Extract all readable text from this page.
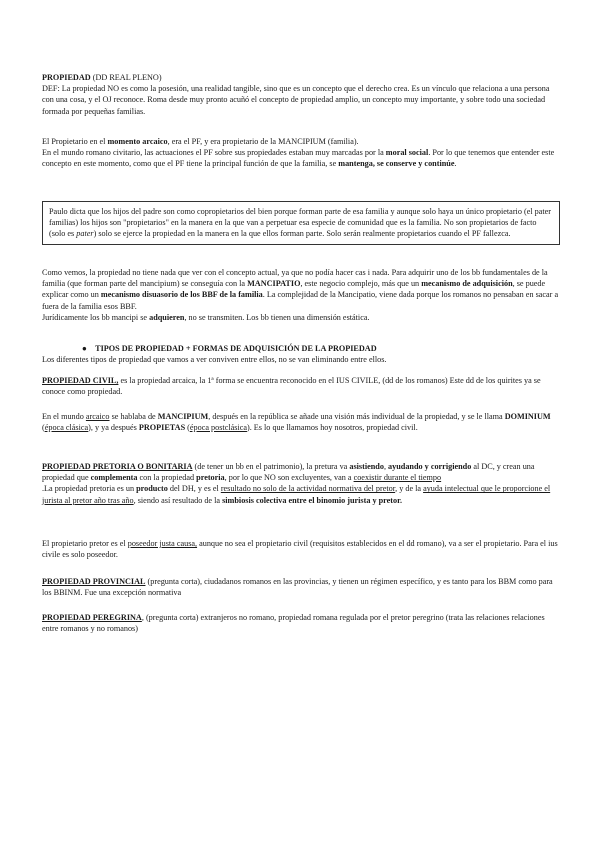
PROPIEDAD (DD REAL PLENO)

DEF: La propiedad NO es como la posesión, una realidad tangible, sino que es un concepto que el derecho crea. Es un vínculo que relaciona a una persona con una cosa, y el OJ reconoce. Roma desde muy pronto acuñó el concepto de propiedad amplio, un concepto muy importante, y sobre todo una sociedad formada por pequeñas familias.

El Propietario en el momento arcaico, era el PF, y era propietario de la MANCIPIUM (familia).

En el mundo romano civitario, las actuaciones el PF sobre sus propiedades estaban muy marcadas por la moral social. Por lo que tenemos que entender este concepto en este momento, como que el PF tiene la principal función de que la familia, se mantenga, se conserve y continúe.

Paulo dicta que los hijos del padre son como copropietarios del bien porque forman parte de esa familia y aunque solo haya un único propietario (el pater familias) los hijos son "propietarios" en la manera en la que van a perpetuar esa especie de comunidad que es la familia. No son propietarios de facto (solo es pater) solo se ejerce la propiedad en la manera en la que ellos forman parte. Solo serán realmente propietarios cuando el PF fallezca.

Como vemos, la propiedad no tiene nada que ver con el concepto actual, ya que no podía hacer cas i nada. Para adquirir uno de los bb fundamentales de la familia (que forman parte del mancipium) se conseguía con la MANCIPATIO, este negocio complejo, más que un mecanismo de adquisición, se puede explicar como un mecanismo disuasorio de los BBF de la familia. La complejidad de la Mancipatio, viene dada porque los romanos no pensaban en sacar a fuera de la familia esos BBF.

Jurídicamente los bb mancipi se adquieren, no se transmiten. Los bb tienen una dimensión estática.

● TIPOS DE PROPIEDAD + FORMAS DE ADQUISICIÓN DE LA PROPIEDAD

Los diferentes tipos de propiedad que vamos a ver conviven entre ellos, no se van eliminando entre ellos.

PROPIEDAD CIVIL, es la propiedad arcaica, la 1ª forma se encuentra reconocido en el IUS CIVILE, (dd de los romanos) Este dd de los quirites ya se conoce como propiedad.

En el mundo arcaico se hablaba de MANCIPIUM, después en la república se añade una visión más individual de la propiedad, y se le llama DOMINIUM (época clásica), y ya después PROPIETAS (época postclásica). Es lo que llamamos hoy nosotros, propiedad civil.

PROPIEDAD PRETORIA O BONITARIA (de tener un bb en el patrimonio), la pretura va asistiendo, ayudando y corrigiendo al DC, y crean una propiedad que complementa con la propiedad pretoria, por lo que NO son excluyentes, van a coexistir durante el tiempo

.La propiedad pretoria es un producto del DH, y es el resultado no solo de la actividad normativa del pretor, y de la ayuda intelectual que le proporcione el jurista al pretor año tras año, siendo así resultado de la simbiosis colectiva entre el binomio jurista y pretor.

El propietario pretor es el poseedor justa causa, aunque no sea el propietario civil (requisitos establecidos en el dd romano), va a ser el propietario. Para el ius civile es solo poseedor.

PROPIEDAD PROVINCIAL (pregunta corta), ciudadanos romanos en las provincias, y tienen un régimen específico, y es tanto para los BBM como para los BBINM. Fue una excepción normativa

PROPIEDAD PEREGRINA, (pregunta corta) extranjeros no romano, propiedad romana regulada por el pretor peregrino (trata las relaciones relaciones entre romanos y no romanos)
